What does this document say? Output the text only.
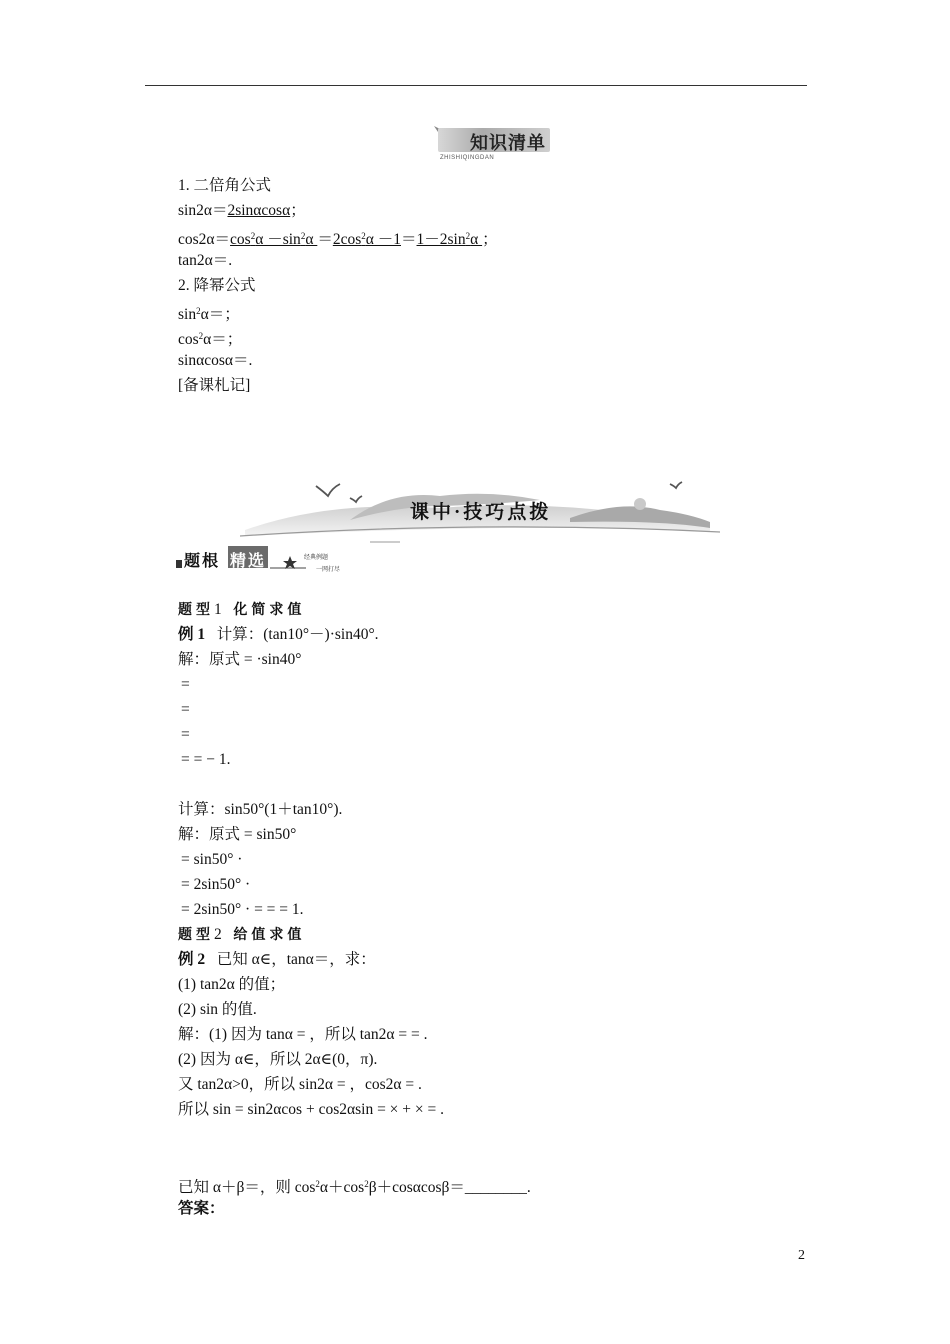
知识清单
ZHISHIQINGDAN
1. 二倍角公式
sin2α＝2sinαcosα；
$\cos 2\alpha=\cos^2\alpha -\sin^2\alpha =2\cos^2\alpha -1=1-2\sin^2\alpha$ ；
tan2α＝.
2. 降幂公式
$\sin^2\alpha=$；
$\cos^2\alpha=$；
sinαcosα＝.
[备课札记]
课中·技巧点拨
题根 精选	经典例题
一网打尽
题型1 化简求值
例 1 计算：(tan10°－)·sin40°.
解：原式 = ·sin40°
=
=
=
= = − 1.
计算：sin50°(1＋tan10°).
解：原式 = sin50°
= sin50° ·
= 2sin50° ·
= 2sin50° · = = = 1.
题型2 给值求值
例 2 已知 α∈，tanα＝，求：
(1) tan2α 的值；
(2) sin 的值.
解：(1) 因为 tanα = ，所以 tan2α = = .
(2) 因为 α∈，所以 2α∈(0，π).
又 tan2α>0，所以 sin2α = ，cos2α = .
所以 sin = sin2αcos + cos2αsin = × + × = .
已知 α＋β＝，则 $\cos^2\alpha+\cos^2\beta+\cos\alpha\cos\beta=\_\_\_\_\_\_\_\_$.
答案：
2
